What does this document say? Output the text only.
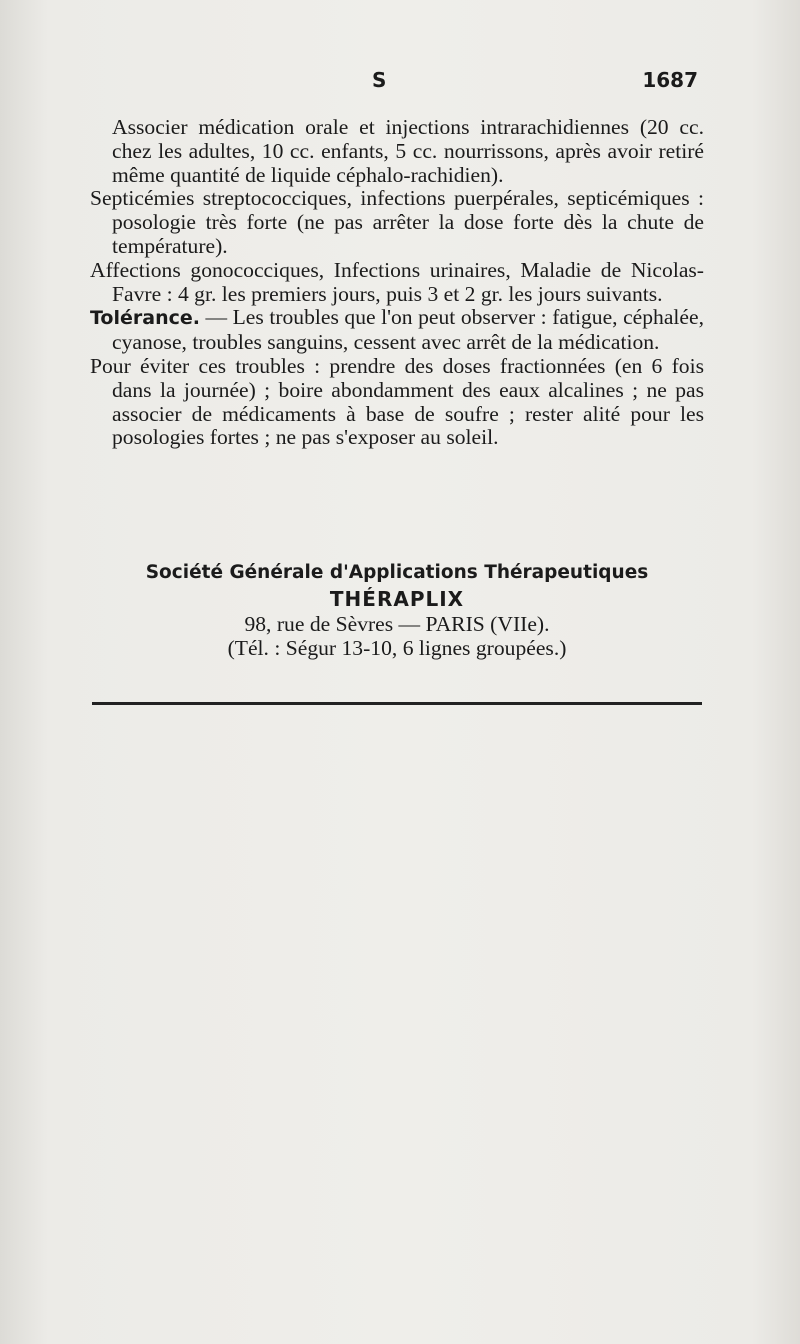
S	1687

Associer médication orale et injections intrarachidiennes (20 cc. chez les adultes, 10 cc. enfants, 5 cc. nourrissons, après avoir retiré même quantité de liquide céphalo-rachidien).

Septicémies streptococciques, infections puerpérales, septicémiques : posologie très forte (ne pas arrêter la dose forte dès la chute de température).

Affections gonococciques, Infections urinaires, Maladie de Nicolas-Favre : 4 gr. les premiers jours, puis 3 et 2 gr. les jours suivants.

Tolérance. — Les troubles que l'on peut observer : fatigue, céphalée, cyanose, troubles sanguins, cessent avec arrêt de la médication.

Pour éviter ces troubles : prendre des doses fractionnées (en 6 fois dans la journée) ; boire abondamment des eaux alcalines ; ne pas associer de médicaments à base de soufre ; rester alité pour les posologies fortes ; ne pas s'exposer au soleil.

Société Générale d'Applications Thérapeutiques

THÉRAPLIX

98, rue de Sèvres — PARIS (VIIe).

(Tél. : Ségur 13-10, 6 lignes groupées.)
